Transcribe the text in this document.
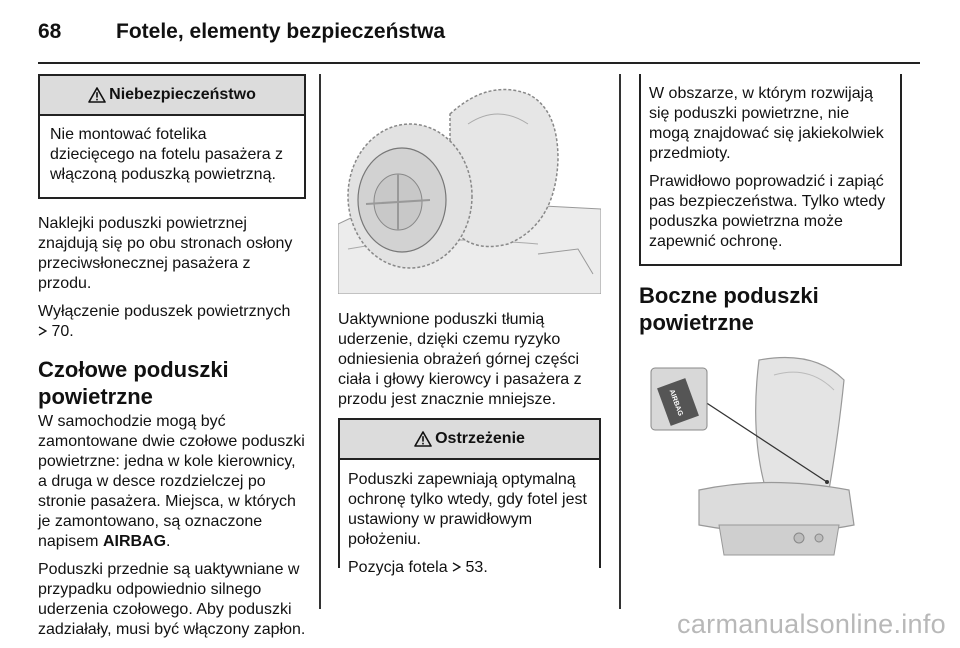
68	Fotele, elementy bezpieczeństwa
Niebezpieczeństwo

Nie montować fotelika dziecięcego na fotelu pasażera z włączoną poduszką powietrzną.

Naklejki poduszki powietrznej znajdują się po obu stronach osłony przeciwsłonecznej pasażera z przodu.

Wyłączenie poduszek powietrznych
70.

Czołowe poduszki powietrzne

W samochodzie mogą być zamontowane dwie czołowe poduszki powietrzne: jedna w kole kierownicy, a druga w desce rozdzielczej po stronie pasażera. Miejsca, w których je zamontowano, są oznaczone napisem AIRBAG.

Poduszki przednie są uaktywniane w przypadku odpowiednio silnego uderzenia czołowego. Aby poduszki zadziałały, musi być włączony zapłon.

Uaktywnione poduszki tłumią uderzenie, dzięki czemu ryzyko odniesienia obrażeń górnej części ciała i głowy kierowcy i pasażera z przodu jest znacznie mniejsze.

Ostrzeżenie

Poduszki zapewniają optymalną ochronę tylko wtedy, gdy fotel jest ustawiony w prawidłowym położeniu.

Pozycja fotela 53.

W obszarze, w którym rozwijają się poduszki powietrzne, nie mogą znajdować się jakiekolwiek przedmioty.

Prawidłowo poprowadzić i zapiąć pas bezpieczeństwa. Tylko wtedy poduszka powietrzna może zapewnić ochronę.

Boczne poduszki powietrzne
AIRBAG
carmanualsonline.info
